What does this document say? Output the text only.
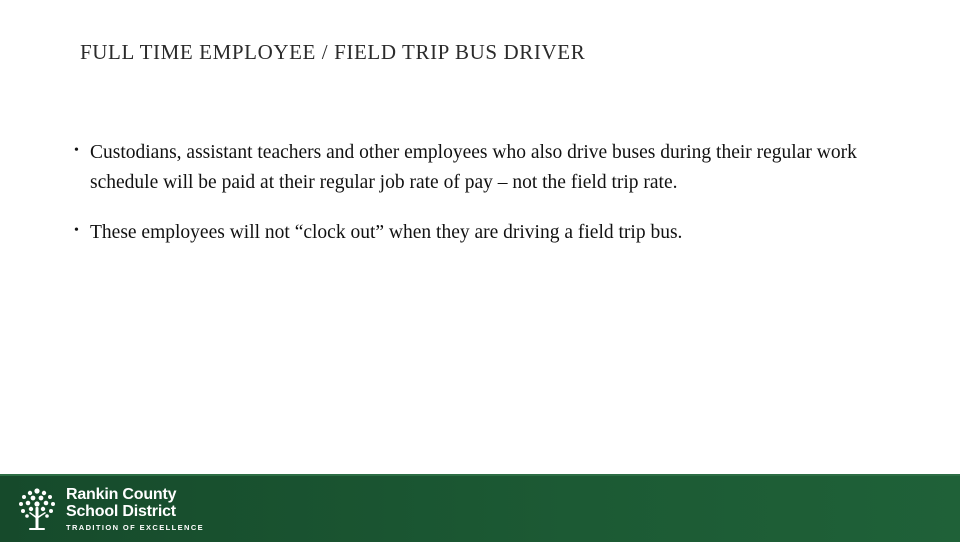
FULL TIME EMPLOYEE / FIELD TRIP BUS DRIVER
• Custodians, assistant teachers and other employees who also drive buses during their regular work schedule will be paid at their regular job rate of pay – not the field trip rate.
• These employees will not “clock out” when they are driving a field trip bus.
Rankin County
School District
TRADITION OF EXCELLENCE
